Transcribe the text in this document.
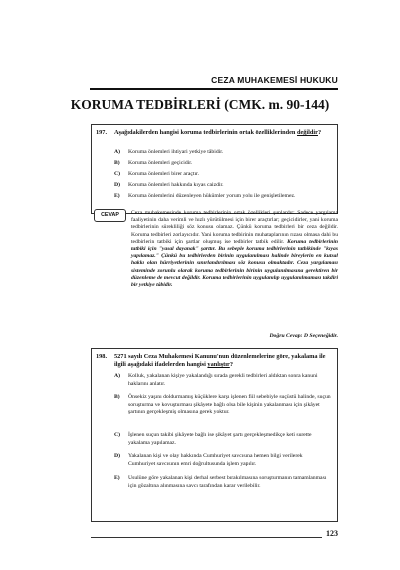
CEZA MUHAKEMESİ HUKUKU
KORUMA TEDBİRLERİ (CMK. m. 90-144)
197. Aşağıdakilerden hangisi koruma tedbirlerinin ortak özelliklerinden değildir?
A) Koruma önlemleri ihtiyari yetkiye tâbidir.
B) Koruma önlemleri geçicidir.
C) Koruma önlemleri birer araçtır.
D) Koruma önlemleri hakkında kıyas caizdir.
E) Koruma önlemlerini düzenleyen hükümler yorum yolu ile genişletilemez.
Ceza muhakemesinde koruma tedbirlerinin ortak özellikleri şunlardır: Sadece yargılama faaliyetinin daha verimli ve hızlı yürütülmesi için birer araçtırlar; geçicidirler, yani koruma tedbirlerinin sürekliliği söz konusu olamaz. Çünkü koruma tedbirleri bir ceza değildir. Koruma tedbirleri zorlayıcıdır. Yani koruma tedbirinin muhataplarının rızası olmasa dahi bu tedbirlerin tatbiki için şartlar oluşmuş ise tedbirler tatbik edilir. Koruma tedbirlerinin tatbiki için "yasal dayanak" şarttır. Bu sebeple koruma tedbirlerinin tatbikinde "kıyas yapılamaz." Çünkü bu tedbirlerden birinin uygulanılması halinde bireylerin en kutsal hakkı olan hürriyetlerinin sınırlandırılması söz konusu olmaktadır. Ceza yargılaması sisteminde zorunlu olarak koruma tedbirlerinin birinin uygulanılmasına gerektiren bir düzenleme de mevcut değildir. Koruma tedbirlerinin uygulanılıp uygulanılmaması takdiri bir yetkiye tâbidir.
CEVAP
Doğru Cevap: D Seçeneğidir.
198. 5271 sayılı Ceza Muhakemesi Kanunu'nun düzenlemelerine göre, yakalama ile ilgili aşağıdaki ifadelerden hangisi yanlıştır?
A) Kolluk, yakalanan kişiye yakalandığı sırada gerekli tedbirleri aldıktan sonra kanuni haklarını anlatır.
B) Önsekiz yaşını doldurmamış küçüklere karşı işlenen fiil sebebiyle suçüstü halinde, suçun soruşturma ve kovuşturması şikâyete bağlı olsa bile kişinin yakalanması için şikâyet şartının gerçekleşmiş olmasına gerek yoktur.
C) İşlenen suçun takibi şikâyete bağlı ise şikâyet şartı gerçekleşmedikçe keti surette yakalama yapılamaz.
D) Yakalanan kişi ve olay hakkında Cumhuriyet savcısına hemen bilgi verilerek Cumhuriyet savcısının emri doğrultusunda işlem yapılır.
E) Usulüne göre yakalanan kişi derhal serbest bırakılmasına soruşturmanın tamamlanması için gözaltına alınmasına savcı tarafından karar verilebilir.
123
